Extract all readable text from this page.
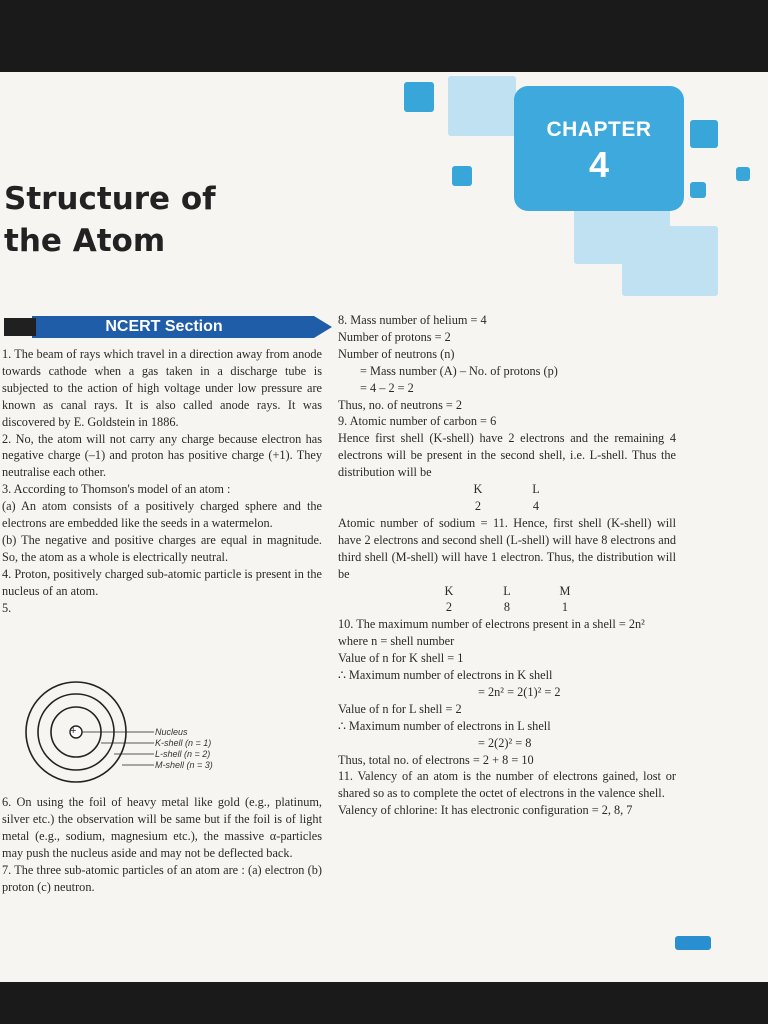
CHAPTER
4
Structure of
the Atom
NCERT Section

1. The beam of rays which travel in a direction away from anode towards cathode when a gas taken in a discharge tube is subjected to the action of high voltage under low pressure are known as canal rays. It is also called anode rays. It was discovered by E. Goldstein in 1886.

2. No, the atom will not carry any charge because electron has negative charge (–1) and proton has positive charge (+1). They neutralise each other.

3. According to Thomson's model of an atom :

(a) An atom consists of a positively charged sphere and the electrons are embedded like the seeds in a watermelon.

(b) The negative and positive charges are equal in magnitude. So, the atom as a whole is electrically neutral.

4. Proton, positively charged sub-atomic particle is present in the nucleus of an atom.

5.

+	Nucleus
K-shell (n = 1)
L-shell (n = 2)
M-shell (n = 3)

6. On using the foil of heavy metal like gold (e.g., platinum, silver etc.) the observation will be same but if the foil is of light metal (e.g., sodium, magnesium etc.), the massive α-particles may push the nucleus aside and may not be deflected back.

7. The three sub-atomic particles of an atom are : (a) electron (b) proton (c) neutron.

8. Mass number of helium = 4

Number of protons = 2

Number of neutrons (n)

= Mass number (A) – No. of protons (p)

= 4 – 2 = 2

Thus, no. of neutrons = 2

9. Atomic number of carbon = 6

Hence first shell (K-shell) have 2 electrons and the remaining 4 electrons will be present in the second shell, i.e. L-shell. Thus the distribution will be

K	L
2	4

Atomic number of sodium = 11. Hence, first shell (K-shell) will have 2 electrons and second shell (L-shell) will have 8 electrons and third shell (M-shell) will have 1 electron. Thus, the distribution will be

K	L	M
2	8	1

10. The maximum number of electrons present in a shell = 2n²

where n = shell number

Value of n for K shell = 1

∴ Maximum number of electrons in K shell

= 2n² = 2(1)² = 2

Value of n for L shell = 2

∴ Maximum number of electrons in L shell

= 2(2)² = 8

Thus, total no. of electrons = 2 + 8 = 10

11. Valency of an atom is the number of electrons gained, lost or shared so as to complete the octet of electrons in the valence shell.

Valency of chlorine: It has electronic configuration = 2, 8, 7
